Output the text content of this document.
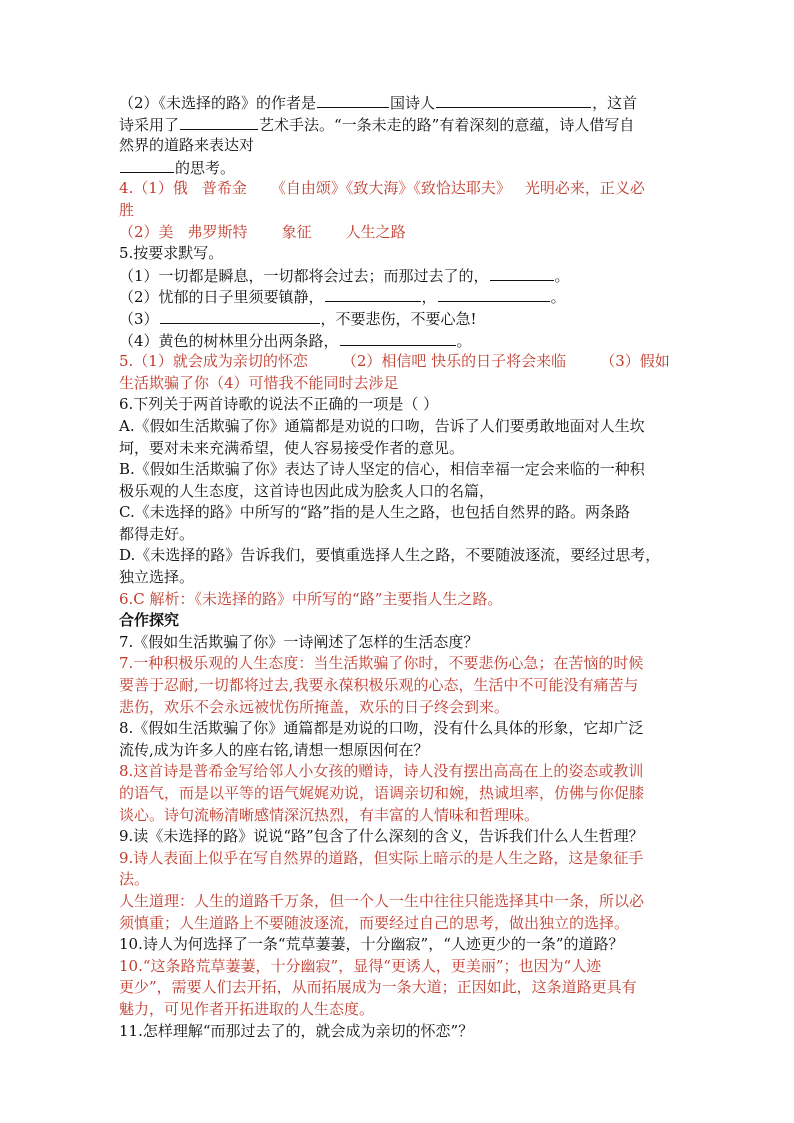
（2）《未选择的路》的作者是	国诗人	，这首
诗采用了	艺术手法。“一条未走的路”有着深刻的意蕴，诗人借写自
然界的道路来表达对
的思考。
4.（1）俄 普希金 《自由颂》《致大海》《致恰达耶夫》 光明必来，正义必
胜
（2）美 弗罗斯特 象征 人生之路
5.按要求默写。
（1）一切都是瞬息，一切都将会过去；而那过去了的，	。
（2）忧郁的日子里须要镇静，	，	。
（3）	，不要悲伤，不要心急!
（4）黄色的树林里分出两条路，	。
5.（1）就会成为亲切的怀恋 （2）相信吧 快乐的日子将会来临 （3）假如
生活欺骗了你（4）可惜我不能同时去涉足
6.下列关于两首诗歌的说法不正确的一项是（ ）
A.《假如生活欺骗了你》通篇都是劝说的口吻，告诉了人们要勇敢地面对人生坎
坷，要对未来充满希望，使人容易接受作者的意见。
B.《假如生活欺骗了你》表达了诗人坚定的信心，相信幸福一定会来临的一种积
极乐观的人生态度，这首诗也因此成为脍炙人口的名篇，
C.《未选择的路》中所写的“路”指的是人生之路，也包括自然界的路。两条路
都得走好。
D.《未选择的路》告诉我们，要慎重选择人生之路，不要随波逐流，要经过思考，
独立选择。
6.C 解析：《未选择的路》中所写的“路”主要指人生之路。
合作探究
7.《假如生活欺骗了你》一诗阐述了怎样的生活态度？
7.一种积极乐观的人生态度：当生活欺骗了你时，不要悲伤心急；在苦恼的时候
要善于忍耐,一切都将过去,我要永葆积极乐观的心态，生活中不可能没有痛苦与
悲伤，欢乐不会永远被忧伤所掩盖，欢乐的日子终会到来。
8.《假如生活欺骗了你》通篇都是劝说的口吻，没有什么具体的形象，它却广泛
流传,成为许多人的座右铭,请想一想原因何在？
8.这首诗是普希金写给邻人小女孩的赠诗，诗人没有摆出高高在上的姿态或教训
的语气，而是以平等的语气娓娓劝说，语调亲切和婉，热诚坦率，仿佛与你促膝
谈心。诗句流畅清晰感情深沉热烈，有丰富的人情味和哲理味。
9.读《未选择的路》说说“路”包含了什么深刻的含义，告诉我们什么人生哲理？
9.诗人表面上似乎在写自然界的道路，但实际上暗示的是人生之路，这是象征手
法。
人生道理：人生的道路千万条，但一个人一生中往往只能选择其中一条，所以必
须慎重；人生道路上不要随波逐流，而要经过自己的思考，做出独立的选择。
10.诗人为何选择了一条“荒草萋萋，十分幽寂”，“人迹更少的一条”的道路？
10.“这条路荒草萋萋，十分幽寂”，显得“更诱人，更美丽”；也因为“人迹
更少”，需要人们去开拓，从而拓展成为一条大道；正因如此，这条道路更具有
魅力，可见作者开拓进取的人生态度。
11.怎样理解“而那过去了的，就会成为亲切的怀恋”？
